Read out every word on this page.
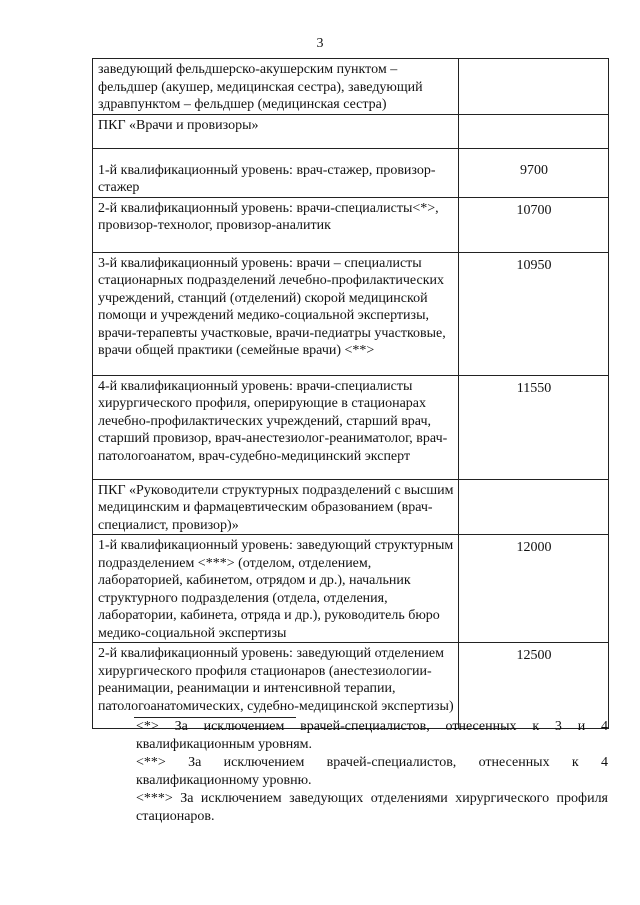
3
заведующий фельдшерско-акушерским пунктом – фельдшер (акушер, медицинская сестра), заведующий здравпунктом – фельдшер (медицинская сестра)	
ПКГ «Врачи и провизоры»	
1-й квалификационный уровень: врач-стажер, провизор-стажер	9700
2-й квалификационный уровень: врачи-специалисты<*>, провизор-технолог, провизор-аналитик	10700
3-й квалификационный уровень: врачи – специалисты стационарных подразделений лечебно-профилактических учреждений, станций (отделений) скорой медицинской помощи и учреждений медико-социальной экспертизы, врачи-терапевты участковые, врачи-педиатры участковые, врачи общей практики (семейные врачи) <**>	10950
4-й квалификационный уровень: врачи-специалисты хирургического профиля, оперирующие в стационарах лечебно-профилактических учреждений, старший врач, старший провизор, врач-анестезиолог-реаниматолог, врач-патологоанатом, врач-судебно-медицинский эксперт	11550
ПКГ «Руководители структурных подразделений с высшим медицинским и фармацевтическим образованием (врач-специалист, провизор)»	
1-й квалификационный уровень: заведующий структурным подразделением <***> (отделом, отделением, лабораторией, кабинетом, отрядом и др.), начальник структурного подразделения (отдела, отделения, лаборатории, кабинета, отряда и др.), руководитель бюро медико-социальной экспертизы	12000
2-й квалификационный уровень: заведующий отделением хирургического профиля стационаров (анестезиологии-реанимации, реанимации и интенсивной терапии, патологоанатомических, судебно-медицинской экспертизы)	12500

<*> За исключением врачей-специалистов, отнесенных к 3 и 4 квалификационным уровням.

<**> За исключением врачей-специалистов, отнесенных к 4 квалификационному уровню.

<***> За исключением заведующих отделениями хирургического профиля стационаров.
